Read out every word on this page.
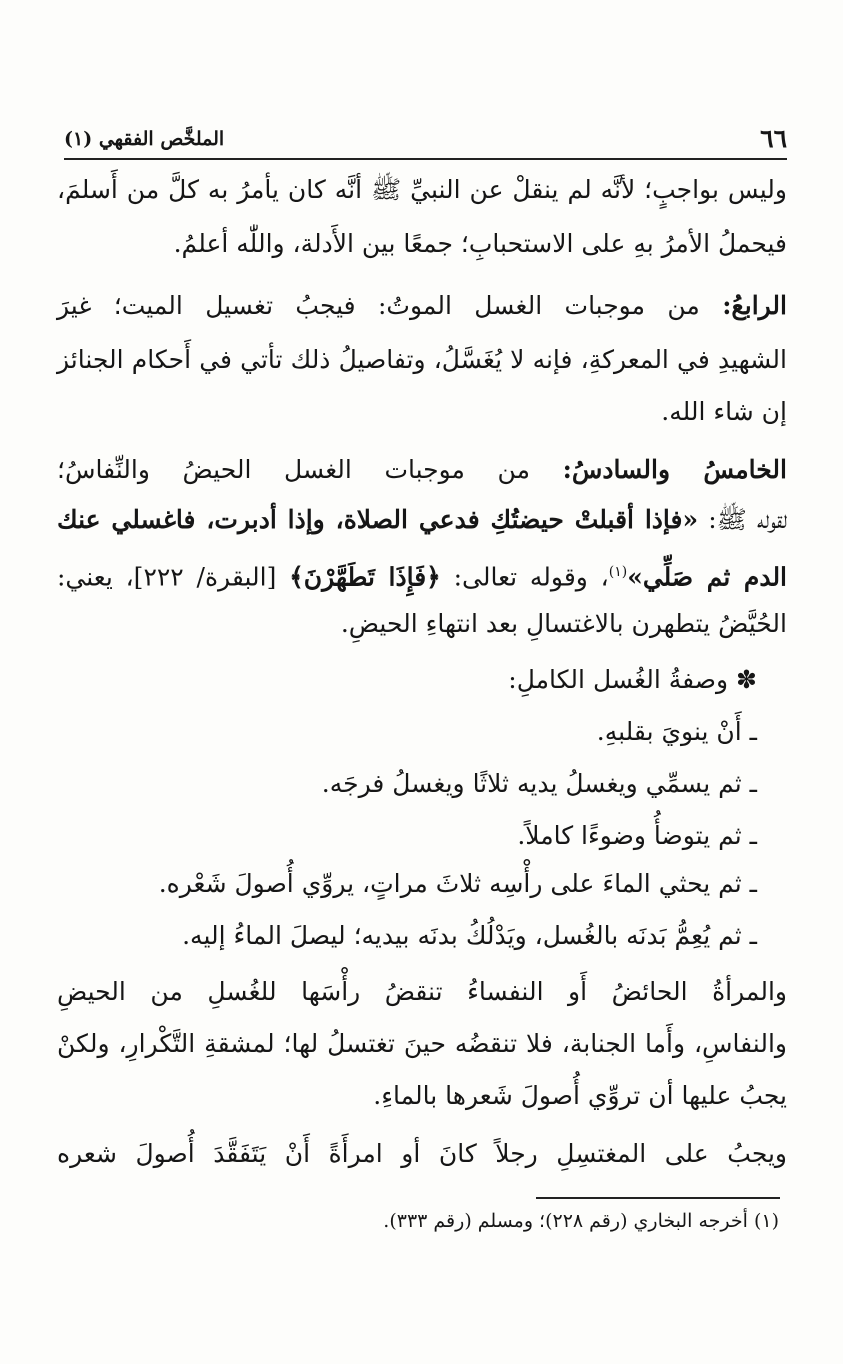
٦٦
الملخَّص الفقهي (١)
وليس بواجبٍ؛ لأنَّه لم ينقلْ عن النبيِّ ﷺ أنَّه كان يأمرُ به كلَّ من أَسلمَ،
فيحملُ الأمرُ بهِ على الاستحبابِ؛ جمعًا بين الأَدلة، واللّٰه أعلمُ.
الرابعُ: من موجبات الغسل الموتُ: فيجبُ تغسيل الميت؛ غيرَ
الشهيدِ في المعركةِ، فإنه لا يُغَسَّلُ، وتفاصيلُ ذلك تأتي في أَحكام الجنائز
إن شاء الله.
الخامسُ والسادسُ: من موجبات الغسل الحيضُ والنِّفاسُ؛
لقوله ﷺ: «فإذا أقبلتْ حيضتُكِ فدعي الصلاة، وإذا أدبرت، فاغسلي عنك
الدم ثم صَلِّي»$^{(١)}$، وقوله تعالى: ﴿فَإِذَا تَطَهَّرْنَ﴾ [البقرة/ ٢٢٢]، يعني:
الحُيَّضُ يتطهرن بالاغتسالِ بعد انتهاءِ الحيضِ.
✽ وصفةُ الغُسل الكاملِ:
ـ أَنْ ينويَ بقلبهِ.
ـ ثم يسمِّي ويغسلُ يديه ثلاثًا ويغسلُ فرجَه.
ـ ثم يتوضأُ وضوءًا كاملاً.
ـ ثم يحثي الماءَ على رأْسِه ثلاثَ مراتٍ، يروِّي أُصولَ شَعْره.
ـ ثم يُعِمُّ بَدنَه بالغُسل، ويَدْلُكُ بدنَه بيديه؛ ليصلَ الماءُ إليه.
والمرأةُ الحائضُ أَو النفساءُ تنقضُ رأْسَها للغُسلِ من الحيضِ
والنفاسِ، وأَما الجنابة، فلا تنقضُه حينَ تغتسلُ لها؛ لمشقةِ التَّكْرارِ، ولكنْ
يجبُ عليها أن تروِّي أُصولَ شَعرها بالماءِ.
ويجبُ على المغتسِلِ رجلاً كانَ أو امرأَةً أَنْ يَتَفَقَّدَ أُصولَ شعره
(١) أخرجه البخاري (رقم ٢٢٨)؛ ومسلم (رقم ٣٣٣).
